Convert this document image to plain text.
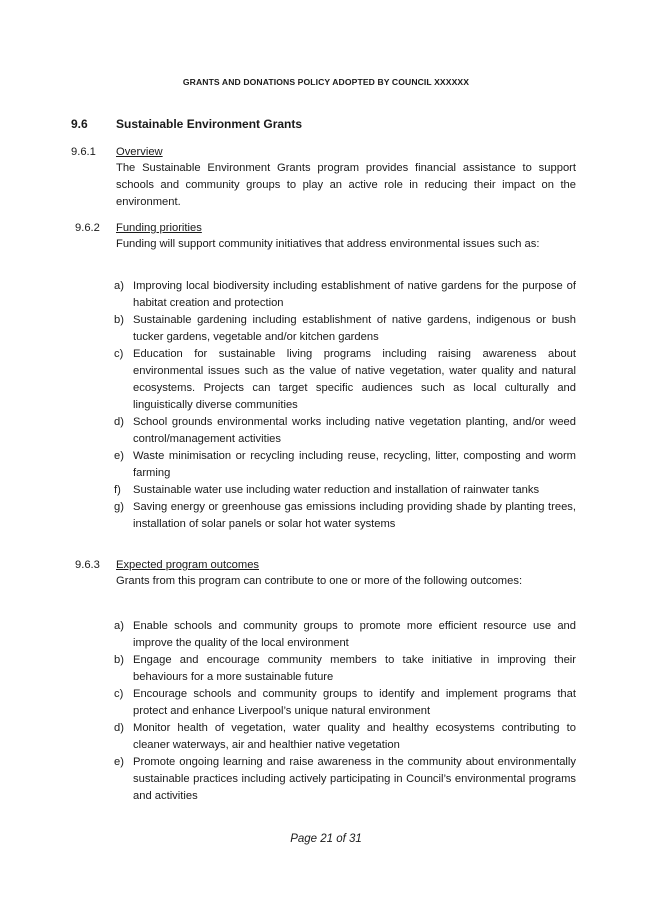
GRANTS AND DONATIONS POLICY ADOPTED BY COUNCIL XXXXXX
9.6 Sustainable Environment Grants
9.6.1 Overview
The Sustainable Environment Grants program provides financial assistance to support schools and community groups to play an active role in reducing their impact on the environment.
9.6.2 Funding priorities
Funding will support community initiatives that address environmental issues such as:
a) Improving local biodiversity including establishment of native gardens for the purpose of habitat creation and protection
b) Sustainable gardening including establishment of native gardens, indigenous or bush tucker gardens, vegetable and/or kitchen gardens
c) Education for sustainable living programs including raising awareness about environmental issues such as the value of native vegetation, water quality and natural ecosystems. Projects can target specific audiences such as local culturally and linguistically diverse communities
d) School grounds environmental works including native vegetation planting, and/or weed control/management activities
e) Waste minimisation or recycling including reuse, recycling, litter, composting and worm farming
f) Sustainable water use including water reduction and installation of rainwater tanks
g) Saving energy or greenhouse gas emissions including providing shade by planting trees, installation of solar panels or solar hot water systems
9.6.3 Expected program outcomes
Grants from this program can contribute to one or more of the following outcomes:
a) Enable schools and community groups to promote more efficient resource use and improve the quality of the local environment
b) Engage and encourage community members to take initiative in improving their behaviours for a more sustainable future
c) Encourage schools and community groups to identify and implement programs that protect and enhance Liverpool’s unique natural environment
d) Monitor health of vegetation, water quality and healthy ecosystems contributing to cleaner waterways, air and healthier native vegetation
e) Promote ongoing learning and raise awareness in the community about environmentally sustainable practices including actively participating in Council’s environmental programs and activities
Page 21 of 31
